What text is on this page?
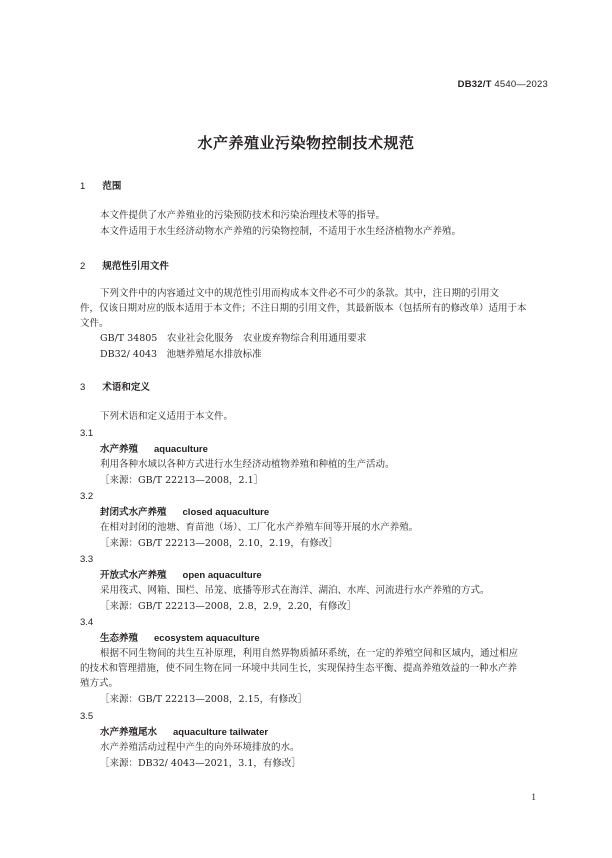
DB32/T 4540—2023
水产养殖业污染物控制技术规范
1 范围
本文件提供了水产养殖业的污染预防技术和污染治理技术等的指导。
本文件适用于水生经济动物水产养殖的污染物控制，不适用于水生经济植物水产养殖。
2 规范性引用文件
下列文件中的内容通过文中的规范性引用而构成本文件必不可少的条款。其中，注日期的引用文
件，仅该日期对应的版本适用于本文件；不注日期的引用文件，其最新版本（包括所有的修改单）适用于本
文件。
GB/T 34805　农业社会化服务　农业废弃物综合利用通用要求
DB32/ 4043　池塘养殖尾水排放标准
3 术语和定义
下列术语和定义适用于本文件。
3.1
水产养殖 aquaculture
利用各种水域以各种方式进行水生经济动植物养殖和种植的生产活动。
［来源：GB/T 22213—2008，2.1］
3.2
封闭式水产养殖 closed aquaculture
在相对封闭的池塘、育苗池（场）、工厂化水产养殖车间等开展的水产养殖。
［来源：GB/T 22213—2008，2.10，2.19，有修改］
3.3
开放式水产养殖 open aquaculture
采用筏式、网箱、围栏、吊笼、底播等形式在海洋、湖泊、水库、河流进行水产养殖的方式。
［来源：GB/T 22213—2008，2.8，2.9，2.20，有修改］
3.4
生态养殖 ecosystem aquaculture
根据不同生物间的共生互补原理，利用自然界物质循环系统，在一定的养殖空间和区域内，通过相应
的技术和管理措施，使不同生物在同一环境中共同生长，实现保持生态平衡、提高养殖效益的一种水产养
殖方式。
［来源：GB/T 22213—2008，2.15，有修改］
3.5
水产养殖尾水 aquaculture tailwater
水产养殖活动过程中产生的向外环境排放的水。
［来源：DB32/ 4043—2021，3.1，有修改］
1
